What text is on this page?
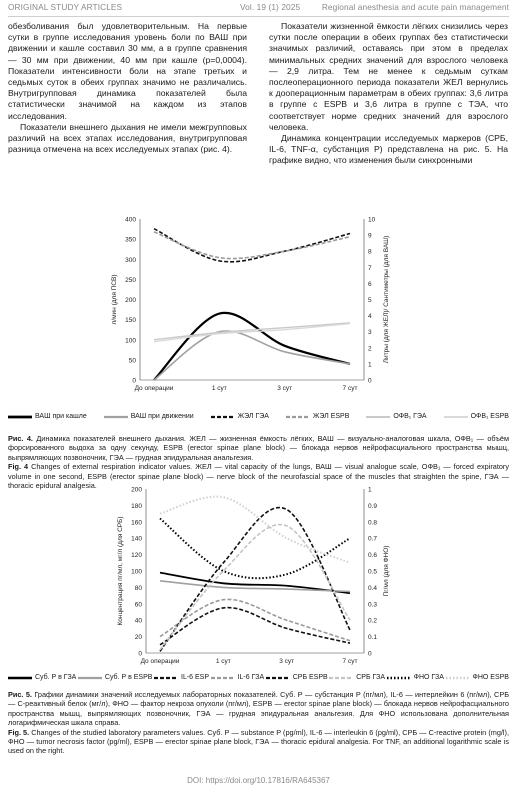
ORIGINAL STUDY ARTICLES	Vol. 19 (1) 2025	Regional anesthesia and acute pain management

обезболивания был удовлетворительным. На первые сутки в группе исследования уровень боли по ВАШ при движении и кашле составил 30 мм, а в группе сравнения — 30 мм при движении, 40 мм при кашле (p=0,0004). Показатели интенсивности боли на этапе третьих и седьмых суток в обеих группах значимо не различались. Внутригрупповая динамика показателей была статистически значимой на каждом из этапов исследования.

Показатели внешнего дыхания не имели межгрупповых различий на всех этапах исследования, внутригрупповая разница отмечена на всех исследуемых этапах (рис. 4).

Показатели жизненной ёмкости лёгких снизились через сутки после операции в обеих группах без статистически значимых различий, оставаясь при этом в пределах минимальных средних значений для взрослого человека — 2,9 литра. Тем не менее к седьмым суткам послеоперационного периода показатели ЖЕЛ вернулись к дооперационным параметрам в обеих группах: 3,6 литра в группе с ESPB и 3,6 литра в группе с ТЭА, что соответствует норме средних значений для взрослого человека.

Динамика концентрации исследуемых маркеров (СРБ, IL-6, TNF-α, субстанция Р) представлена на рис. 5. На графике видно, что изменения были синхронными

0
50
100
150
200
250
300
350
400
0
1
2
3
4
5
6
7
8
9
10
До операции	1 сут	3 сут	7 сут
л/мин (для ПСВ)	Литры (для ЖЕЛ)/ Сантиметры (для ВАШ)
ВАШ при кашле	ВАШ при движении	ЖЭЛ ГЭА	ЖЭЛ ESPB	ОФВ₁ ГЭА	ОФВ₁ ESPB
Рис. 4. Динамика показателей внешнего дыхания. ЖЕЛ — жизненная ёмкость лёгких, ВАШ — визуально-аналоговая шкала, ОФВ₁ — объём форсированного выдоха за одну секунду, ESPB (erector spinae plane block) — блокада нервов нейрофасциального пространства мышц, выпрямляющих позвоночник, ГЭА — грудная эпидуральная анальгезия.
Fig. 4 Changes of external respiration indicator values. ЖЕЛ — vital capacity of the lungs, ВАШ — visual analogue scale, ОФВ₁ — forced expiratory volume in one second, ESPB (erector spinae plane block) — nerve block of the neurofascial space of the muscles that straighten the spine, ГЭА — thoracic epidural analgesia.
0
20
40
60
80
100
120
140
160
180
200
0
0.1
0.2
0.3
0.4
0.5
0.6
0.7
0.8
0.9
1
До операции	1 сут	3 сут	7 сут
Концентрация пг/мл, мг/л (для СРБ)	Пг/мл (для ФНО)
Суб. Р в ГЗА	Суб. Р в ESPB	IL-6 ESP	IL-6 ГЗА	СРБ ESPB	СРБ ГЗА	ФНО ГЗА	ФНО ESPB
Рис. 5. Графики динамики значений исследуемых лабораторных показателей. Суб. Р — субстанция Р (пг/мл), IL-6 — интерлейкин 6 (пг/мл), СРБ — С-реактивный белок (мг/л), ФНО — фактор некроза опухоли (пг/мл), ESPB — erector spinae plane block) — блокада нервов нейрофасциального пространства мышц, выпрямляющих позвоночник, ГЭА — грудная эпидуральная анальгезия. Для ФНО использована дополнительная логарифмическая шкала справа.
Fig. 5. Changes of the studied laboratory parameters values. Суб. Р — substance P (pg/ml), IL-6 — interleukin 6 (pg/ml), СРБ — C-reactive protein (mg/l), ФНО — tumor necrosis factor (pg/ml), ESPB — erector spinae plane block, ГЭА — thoracic epidural analgesia. For TNF, an additional logarithmic scale is used on the right.
DOI: https://doi.org/10.17816/RA645367
